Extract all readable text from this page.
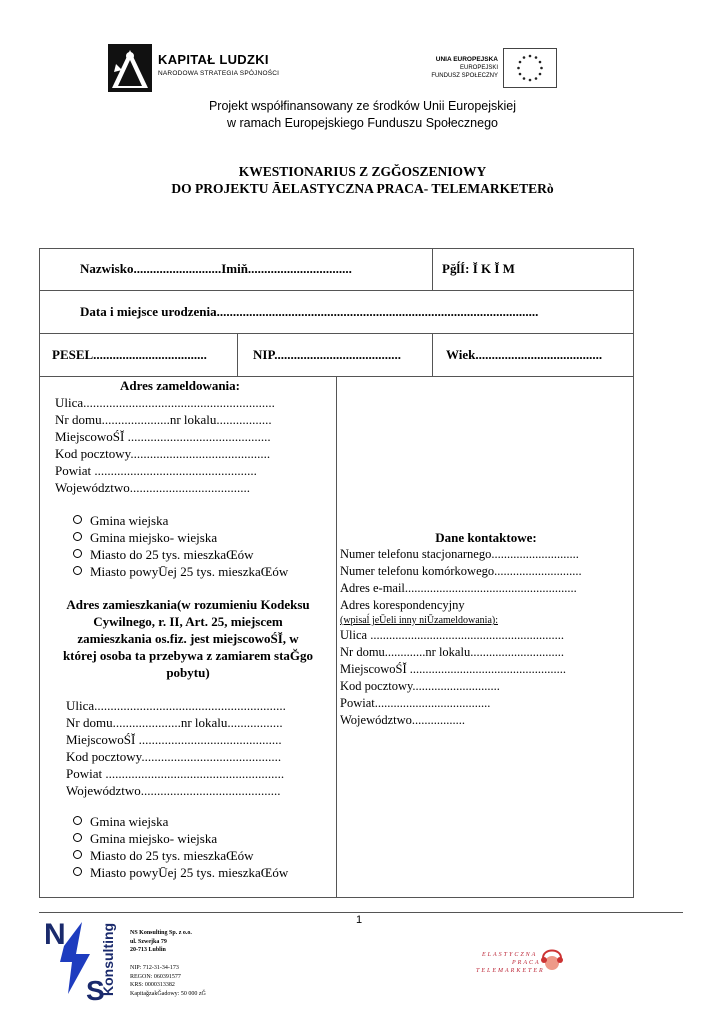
KAPITAŁ LUDZKI
NARODOWA STRATEGIA SPÓJNOŚCI
UNIA EUROPEJSKA
EUROPEJSKI
FUNDUSZ SPOŁECZNY
Projekt współfinansowany ze środków Unii Europejskiej
w ramach Europejskiego Funduszu Społecznego
KWESTIONARIUS Z ZGĞOSZENIOWY
DO PROJEKTU ĀELASTYCZNA PRACA- TELEMARKETERò
Nazwisko...........................Imiň................................	PğĺÍ: Ĭ K Ĭ M
Data i miejsce urodzenia...................................................................................................
PESEL...................................	NIP.......................................	Wiek.......................................
Adres zameldowania:
Ulica...........................................................
Nr domu.....................nr lokalu.................
MiejscowoŚĬ ............................................
Kod pocztowy...........................................
Powiat ..................................................
Województwo.....................................
Gmina wiejska
Gmina miejsko- wiejska
Miasto do 25 tys. mieszkaŒów
Miasto powyŪej 25 tys. mieszkaŒów
Adres zamieszkania(w rozumieniu Kodeksu
Cywilnego, r. II, Art. 25, miejscem
zamieszkania os.fiz. jest miejscowoŚĬ, w
której osoba ta przebywa z zamiarem staĞgo
pobytu)
Ulica...........................................................
Nr domu.....................nr lokalu.................
MiejscowoŚĬ ............................................
Kod pocztowy...........................................
Powiat .......................................................
Województwo...........................................
Gmina wiejska
Gmina miejsko- wiejska
Miasto do 25 tys. mieszkaŒów
Miasto powyŪej 25 tys. mieszkaŒów
Dane kontaktowe:
Numer telefonu stacjonarnego............................
Numer telefonu komórkowego............................
Adres e-mail.......................................................
Adres korespondencyjny
(wpisaĺ jeŪeli inny niŪzameldowania):
Ulica ..............................................................
Nr domu.............nr lokalu..............................
MiejscowoŚĬ ..................................................
Kod pocztowy............................
Powiat.....................................
Województwo.................
1
N
S
Konsulting NS Konsulting Sp. z o.o.
ul. Szwejka 79
20-713 Lublin
NIP: 712-31-34-173
REGON: 060391577
KRS: 0000313382
KapitağzakĞadowy: 50 000 zĞ
ELASTYCZNA
PRACA
TELEMARKETER
